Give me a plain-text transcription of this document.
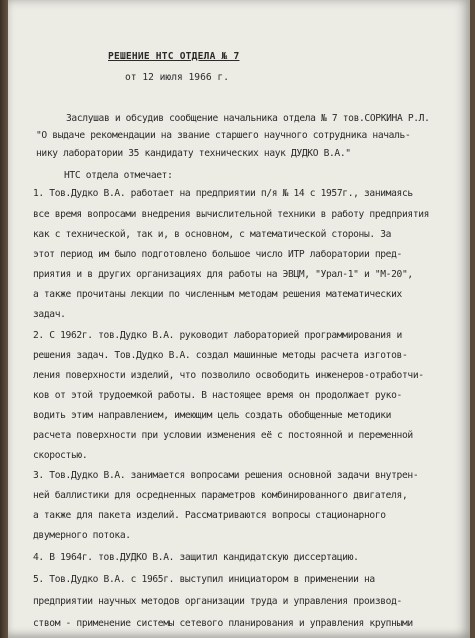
РЕШЕНИЕ НТС ОТДЕЛА № 7
от 12 июля 1966 г.
Заслушав и обсудив сообщение начальника отдела № 7 тов.СОРКИНА Р.Л.
"О выдаче рекомендации на звание старшего научного сотрудника началь-
нику лаборатории 35 кандидату технических наук ДУДКО В.А."
НТС отдела отмечает:
1. Тов.Дудко В.А. работает на предприятии п/я № 14 с 1957г., занимаясь
все время вопросами внедрения вычислительной техники в работу предприятия
как с технической, так и, в основном, с математической стороны. За
этот период им было подготовлено большое число ИТР лаборатории пред-
приятия и в других организациях для работы на ЭВЦМ, "Урал-1" и "М-20",
а также прочитаны лекции по численным методам решения математических
задач.
2. С 1962г. тов.Дудко В.А. руководит лабораторией программирования и
решения задач. Тов.Дудко В.А. создал машинные методы расчета изготов-
ления поверхности изделий, что позволило освободить инженеров-отработчи-
ков от этой трудоемкой работы. В настоящее время он продолжает руко-
водить этим направлением, имеющим цель создать обобщенные методики
расчета поверхности при условии изменения её с постоянной и переменной
скоростью.
3. Тов.Дудко В.А. занимается вопросами решения основной задачи внутрен-
ней баллистики для осредненных параметров комбинированного двигателя,
а также для пакета изделий. Рассматриваются вопросы стационарного
двумерного потока.
4. В 1964г. тов.ДУДКО В.А. защитил кандидатскую диссертацию.
5. Тов.Дудко В.А. с 1965г. выступил инициатором в применении на
предприятии научных методов организации труда и управления производ-
ством - применение системы сетевого планирования и управления крупными
